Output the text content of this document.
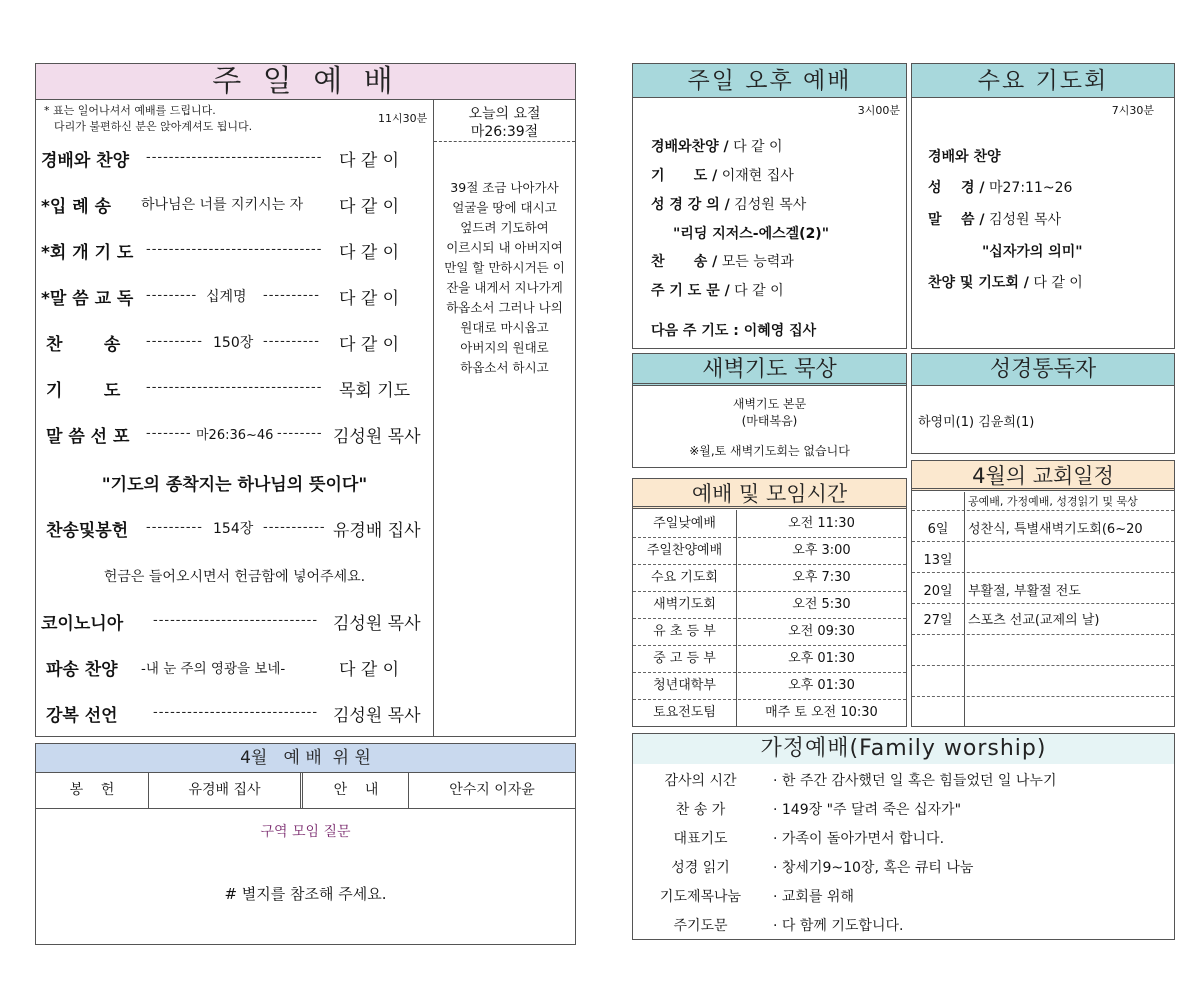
주 일 예 배
* 표는 일어나셔서 예배를 드립니다.
다리가 불편하신 분은 앉아계셔도 됩니다.
11시30분	오늘의 요절
마26:39절
39절 조금 나아가사
얼굴을 땅에 대시고
엎드려 기도하여
이르시되 내 아버지여
만일 할 만하시거든 이
잔을 내게서 지나가게
하옵소서 그러나 나의
원대로 마시옵고
아버지의 원대로
하옵소서 하시고
경배와 찬양 ------------------------------- 다 같 이
*입 례 송 하나님은 너를 지키시는 자 다 같 이
*회 개 기 도 ------------------------------- 다 같 이
*말 씀 교 독 --------- 십계명 ---------- 다 같 이
찬       송 ---------- 150장 ---------- 다 같 이
기       도 ------------------------------- 목회 기도
말 씀 선 포 -------- 마26:36~46 -------- 김성원 목사
"기도의 종착지는 하나님의 뜻이다"
찬송및봉헌 ---------- 154장 ----------- 유경배 집사
헌금은 들어오시면서 헌금함에 넣어주세요.
코이노니아 ----------------------------- 김성원 목사
파송 찬양 -내 눈 주의 영광을 보네-	다 같 이
강복 선언	----------------------------- 김성원 목사
4월   예 배  위 원
봉    헌	유경배 집사	안    내	안수지 이자윤
구역 모임 질문
# 별지를 참조해 주세요.
주일 오후 예배
3시00분
경배와찬양 / 다 같 이
기      도 / 이재현 집사
성 경 강 의 / 김성원 목사
"리딩 지저스-에스겔(2)"
찬      송 / 모든 능력과
주 기 도 문 / 다 같 이
다음 주 기도 : 이혜영 집사
수요 기도회
7시30분
경배와 찬양
성    경 / 마27:11~26
말    씀 / 김성원 목사
"십자가의 의미"
찬양 및 기도회 / 다 같 이
새벽기도 묵상
새벽기도 본문
(마태복음)
※월,토 새벽기도회는 없습니다
성경통독자
하영미(1) 김윤희(1)
예배 및 모임시간
주일낮예배	오전 11:30
주일찬양예배	오후 3:00
수요 기도회	오후 7:30
새벽기도회	오전 5:30
유 초 등 부	오전 09:30
중 고 등 부	오후 01:30
청년대학부	오후 01:30
토요전도팀	매주 토 오전 10:30
4월의 교회일정
공예배, 가정예배, 성경읽기 및 묵상
6일	성찬식, 특별새벽기도회(6~20
13일
20일	부활절, 부활절 전도
27일	스포츠 선교(교제의 날)
가정예배(Family worship)
감사의 시간	· 한 주간 감사했던 일 혹은 힘들었던 일 나누기
찬 송 가	· 149장 "주 달려 죽은 십자가"
대표기도	· 가족이 돌아가면서 합니다.
성경 읽기	· 창세기9~10장, 혹은 큐티 나눔
기도제목나눔	· 교회를 위해
주기도문	· 다 함께 기도합니다.
